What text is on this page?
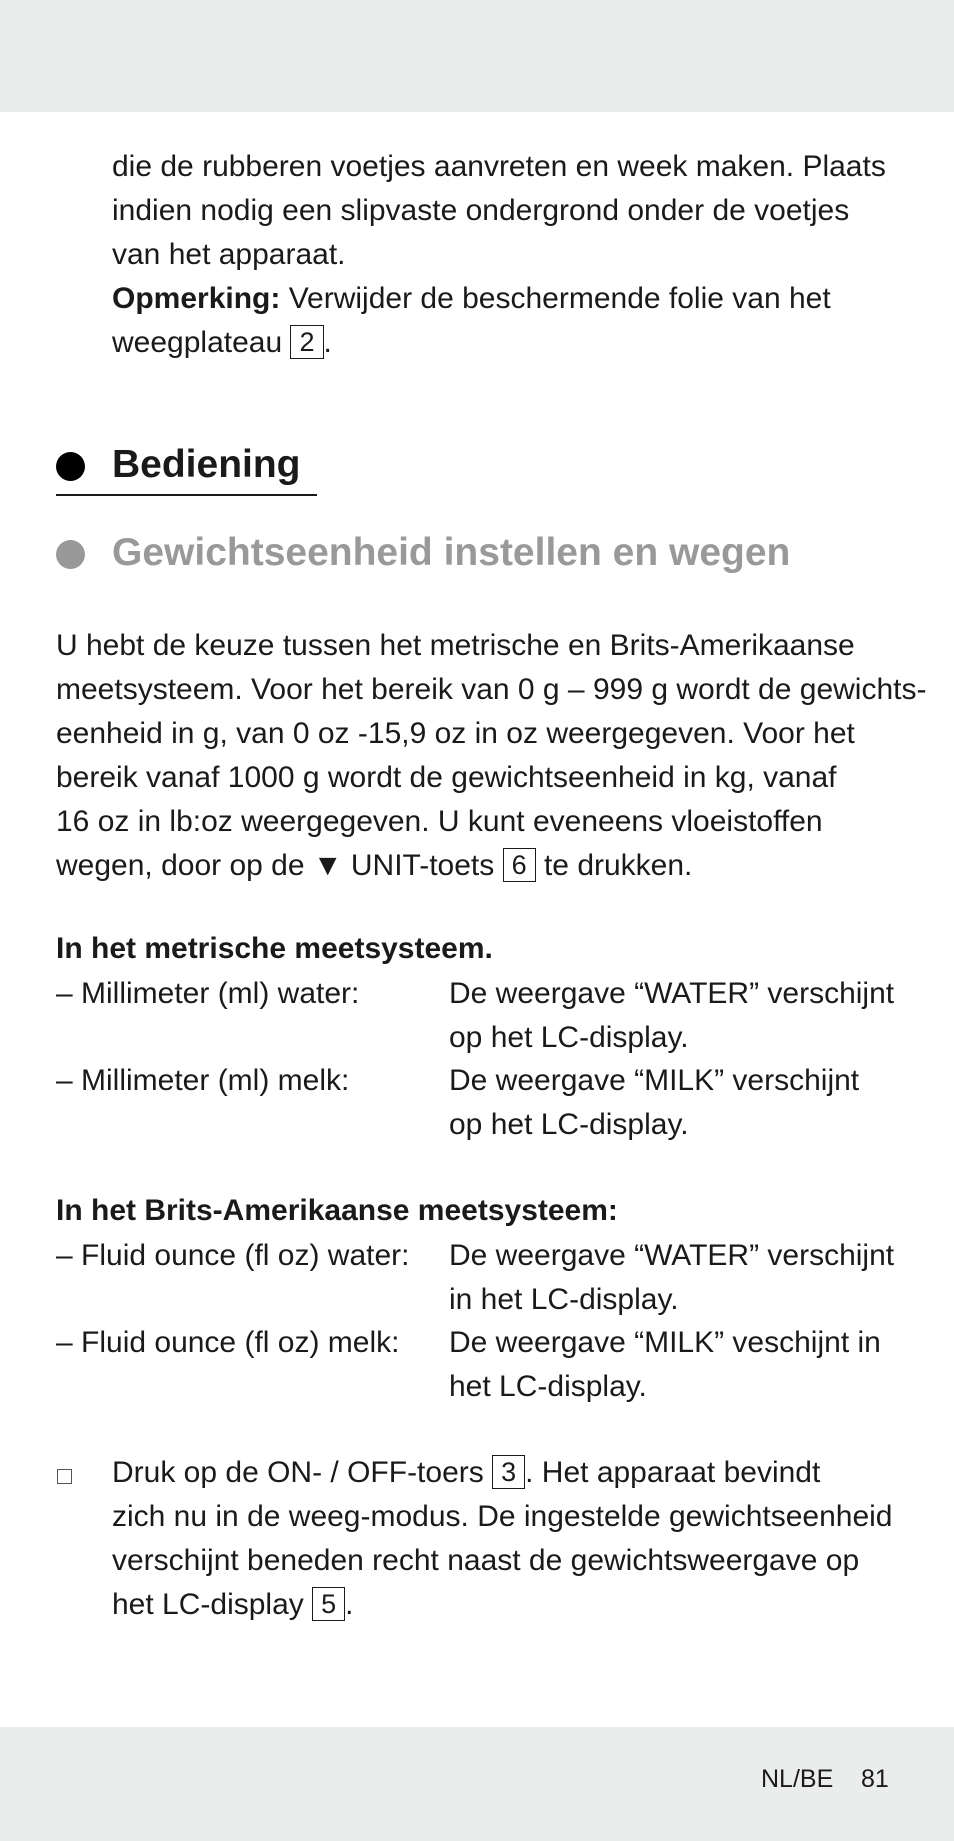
die de rubberen voetjes aanvreten en week maken. Plaats
indien nodig een slipvaste ondergrond onder de voetjes
van het apparaat.
Opmerking: Verwijder de beschermende folie van het
weegplateau 2 .
Bediening
Gewichtseenheid instellen en wegen
U hebt de keuze tussen het metrische en Brits-Amerikaanse
meetsysteem. Voor het bereik van 0 g – 999 g wordt de gewichts-
eenheid in g, van 0 oz -15,9 oz in oz weergegeven. Voor het
bereik vanaf 1000 g wordt de gewichtseenheid in kg, vanaf
16 oz in lb:oz weergegeven. U kunt eveneens vloeistoffen
wegen, door op de ▼ UNIT-toets 6 te drukken.
In het metrische meetsysteem.
– Millimeter (ml) water:	De weergave “WATER” verschijnt
op het LC-display.
– Millimeter (ml) melk:	De weergave “MILK” verschijnt
op het LC-display.
In het Brits-Amerikaanse meetsysteem:
– Fluid ounce (fl oz) water: De weergave “WATER” verschijnt
in het LC-display.
– Fluid ounce (fl oz) melk: De weergave “MILK” veschijnt in
het LC-display.
Druk op de ON- / OFF-toers 3 . Het apparaat bevindt
zich nu in de weeg-modus. De ingestelde gewichtseenheid
verschijnt beneden recht naast de gewichtsweergave op
het LC-display 5 .
NL/BE 81
